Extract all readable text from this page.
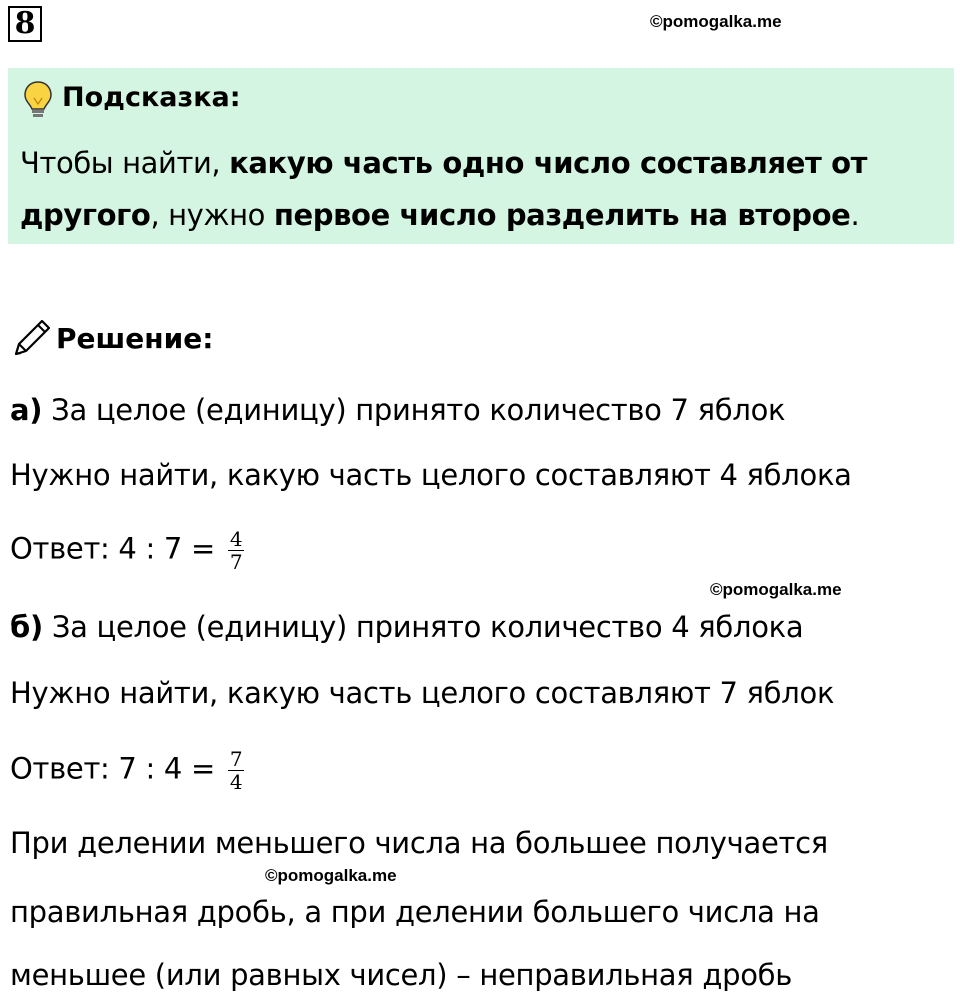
8	©pomogalka.me
Подсказка:
Чтобы найти, какую часть одно число составляет от
другого, нужно первое число разделить на второе.
Решение:
а) За целое (единицу) принято количество 7 яблок
Нужно найти, какую часть целого составляют 4 яблока
Ответ: 4 : $7 = \frac{4}{7}$
©pomogalka.me
б) За целое (единицу) принято количество 4 яблока
Нужно найти, какую часть целого составляют 7 яблок
Ответ: 7 : $4 = \frac{7}{4}$
При делении меньшего числа на большее получается
©pomogalka.me
правильная дробь, а при делении большего числа на
меньшее (или равных чисел) – неправильная дробь
